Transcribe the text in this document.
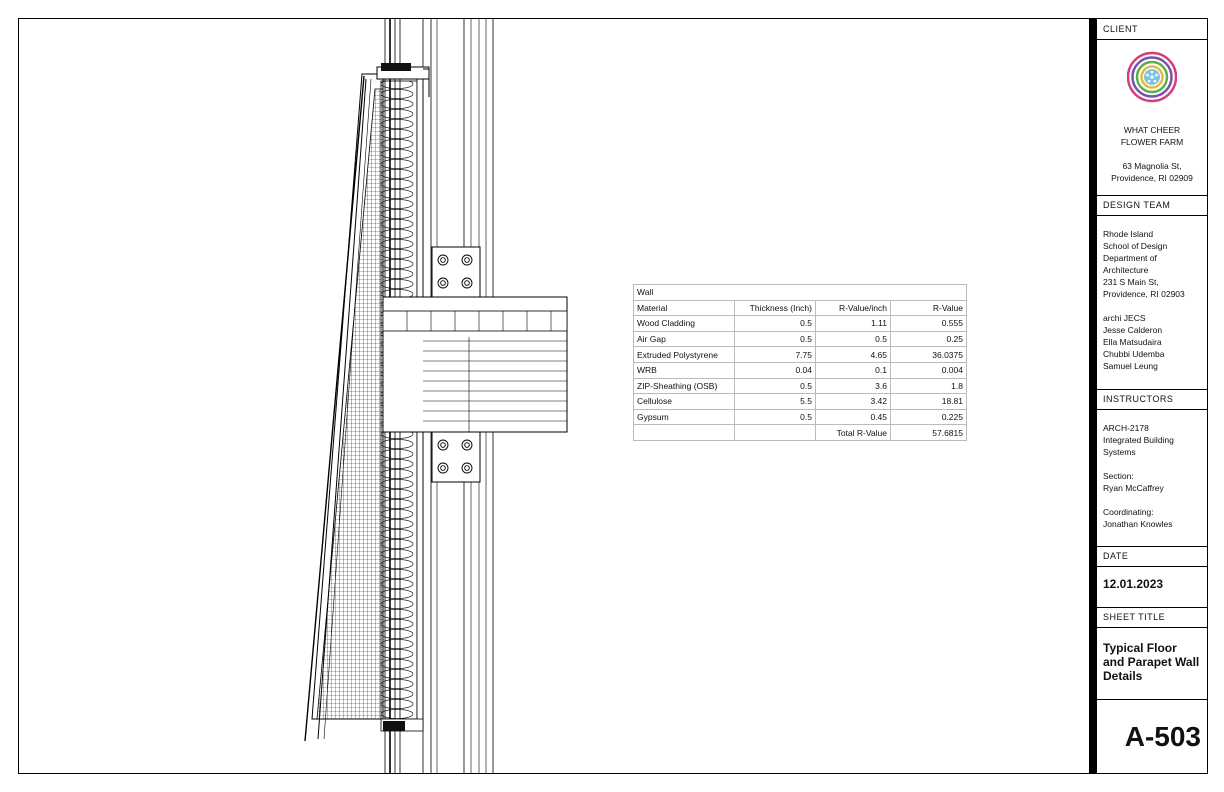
Wall			
Material	Thickness (Inch)	R-Value/inch	R-Value
Wood Cladding	0.5	1.11	0.555
Air Gap	0.5	0.5	0.25
Extruded Polystyrene	7.75	4.65	36.0375
WRB	0.04	0.1	0.004
ZIP-Sheathing (OSB)	0.5	3.6	1.8
Cellulose	5.5	3.42	18.81
Gypsum	0.5	0.45	0.225
		Total R-Value	57.6815
CLIENT
WHAT CHEER
FLOWER FARM
63 Magnolia St,
Providence, RI 02909
DESIGN TEAM
Rhode Island
School of Design
Department of
Architecture
231 S Main St,
Providence, RI 02903
archi JECS
Jesse Calderon
Ella Matsudaira
Chubbi Udemba
Samuel Leung
INSTRUCTORS
ARCH-2178
Integrated Building
Systems
Section:
Ryan McCaffrey
Coordinating:
Jonathan Knowles
DATE
12.01.2023
SHEET TITLE
Typical Floor
and Parapet Wall
Details
A-503
